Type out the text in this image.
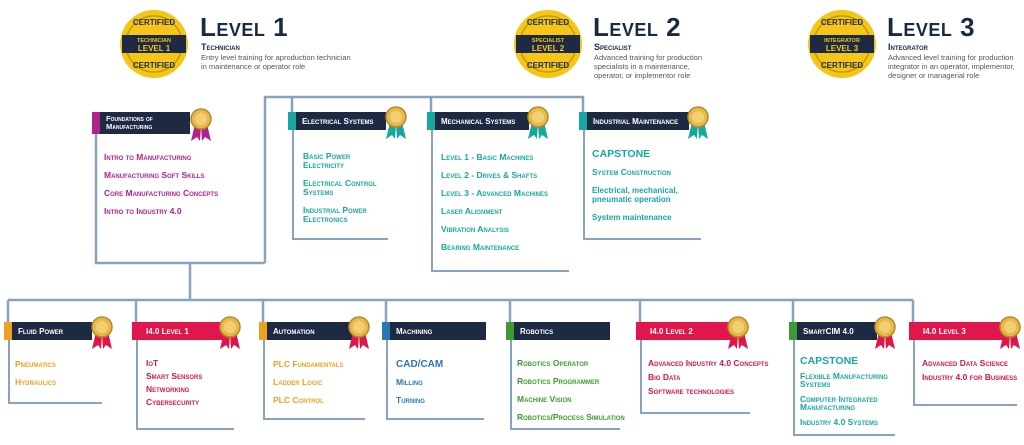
CERTIFIED
TECHNICIAN
LEVEL 1
CERTIFIED
Level 1
Technician
Entry level training for aproduction technician in maintenance or operator role
CERTIFIED
SPECIALIST
LEVEL 2
CERTIFIED
Level 2
Specialist
Advanced training for production specialists in a maintenance, operator, or implementor role
CERTIFIED
INTEGRATOR
LEVEL 3
CERTIFIED
Level 3
Integrator
Advanced level training for production integrator in an operator, implementor, designer or managerial role
Foundations of Manufacturing
Intro to Manufacturing
Manufacturing Soft Skills
Core Manufacturing Concepts
Intro to Industry 4.0
Electrical Systems
Basic Power Electricity
Electrical Control Systems
Industrial Power Electronics
Mechanical Systems
Level 1 - Basic Machines
Level 2 - Drives & Shafts
Level 3 - Advanced Machines
Laser Alignment
Vibration Analysis
Bearing Maintenance
Industrial Maintenance
CAPSTONE
System Construction
Electrical, mechanical, pneumatic operation
System maintenance
Fluid Power
Pneumatics
Hydraulics
I4.0 Level 1
IoT
Smart Sensors
Networking
Cybersecurity
Automation
PLC Fundamentals
Ladder Logic
PLC Control
Machining
CAD/CAM
Milling
Turning
Robotics
Robotics Operator
Robotics Programmer
Machine Vision
Robotics/Process Simulation
I4.0 Level 2
Advanced Industry 4.0 Concepts
Big Data
Software technologies
SmartCIM 4.0
CAPSTONE
Flexible Manufacturing Systems
Computer Integrated Manufacturing
Industry 4.0 Systems
I4.0 Level 3
Advanced Data Science
Industry 4.0 for Business
